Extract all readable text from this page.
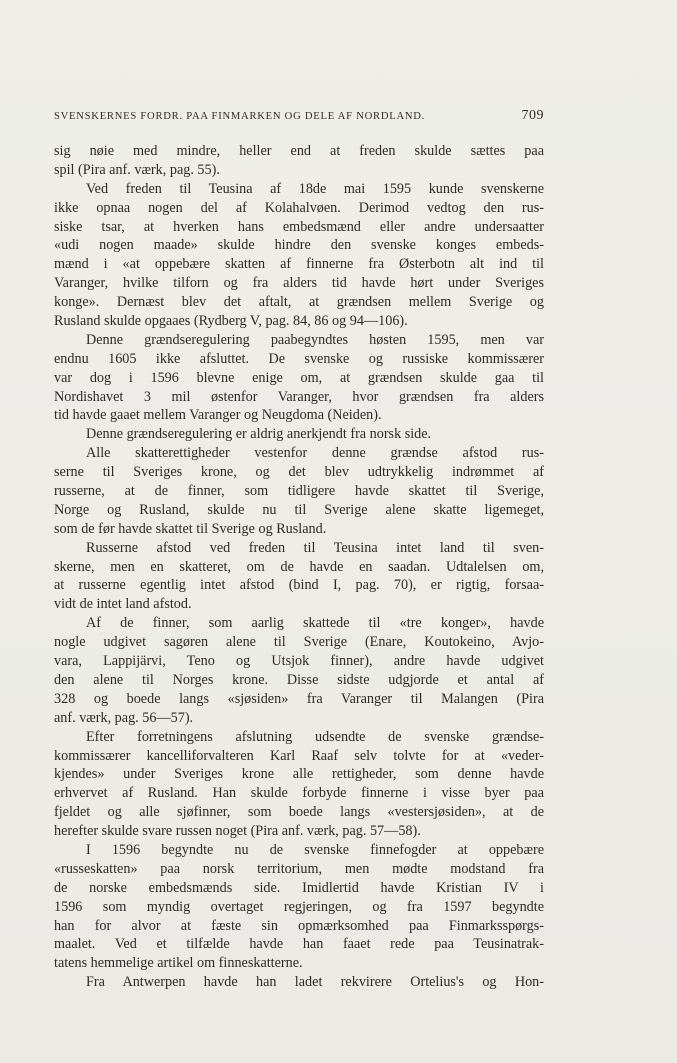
SVENSKERNES FORDR. PAA FINMARKEN OG DELE AF NORDLAND.	709
sig nøie med mindre, heller end at freden skulde sættes paa
spil (Pira anf. værk, pag. 55).
Ved freden til Teusina af 18de mai 1595 kunde svenskerne
ikke opnaa nogen del af Kolahalvøen. Derimod vedtog den rus-
siske tsar, at hverken hans embedsmænd eller andre undersaatter
«udi nogen maade» skulde hindre den svenske konges embeds-
mænd i «at oppebære skatten af finnerne fra Østerbotn alt ind til
Varanger, hvilke tilforn og fra alders tid havde hørt under Sveriges
konge». Dernæst blev det aftalt, at grændsen mellem Sverige og
Rusland skulde opgaaes (Rydberg V, pag. 84, 86 og 94—106).
Denne grændseregulering paabegyndtes høsten 1595, men var
endnu 1605 ikke afsluttet. De svenske og russiske kommissærer
var dog i 1596 blevne enige om, at grændsen skulde gaa til
Nordishavet 3 mil østenfor Varanger, hvor grændsen fra alders
tid havde gaaet mellem Varanger og Neugdoma (Neiden).
Denne grændseregulering er aldrig anerkjendt fra norsk side.
Alle skatterettigheder vestenfor denne grændse afstod rus-
serne til Sveriges krone, og det blev udtrykkelig indrømmet af
russerne, at de finner, som tidligere havde skattet til Sverige,
Norge og Rusland, skulde nu til Sverige alene skatte ligemeget,
som de før havde skattet til Sverige og Rusland.
Russerne afstod ved freden til Teusina intet land til sven-
skerne, men en skatteret, om de havde en saadan. Udtalelsen om,
at russerne egentlig intet afstod (bind I, pag. 70), er rigtig, forsaa-
vidt de intet land afstod.
Af de finner, som aarlig skattede til «tre konger», havde
nogle udgivet sagøren alene til Sverige (Enare, Koutokeino, Avjo-
vara, Lappijärvi, Teno og Utsjok finner), andre havde udgivet
den alene til Norges krone. Disse sidste udgjorde et antal af
328 og boede langs «sjøsiden» fra Varanger til Malangen (Pira
anf. værk, pag. 56—57).
Efter forretningens afslutning udsendte de svenske grændse-
kommissærer kancelliforvalteren Karl Raaf selv tolvte for at «veder-
kjendes» under Sveriges krone alle rettigheder, som denne havde
erhvervet af Rusland. Han skulde forbyde finnerne i visse byer paa
fjeldet og alle sjøfinner, som boede langs «vestersjøsiden», at de
herefter skulde svare russen noget (Pira anf. værk, pag. 57—58).
I 1596 begyndte nu de svenske finnefogder at oppebære
«russeskatten» paa norsk territorium, men mødte modstand fra
de norske embedsmænds side. Imidlertid havde Kristian IV i
1596 som myndig overtaget regjeringen, og fra 1597 begyndte
han for alvor at fæste sin opmærksomhed paa Finmarksspørgs-
maalet. Ved et tilfælde havde han faaet rede paa Teusinatrak-
tatens hemmelige artikel om finneskatterne.
Fra Antwerpen havde han ladet rekvirere Ortelius's og Hon-
